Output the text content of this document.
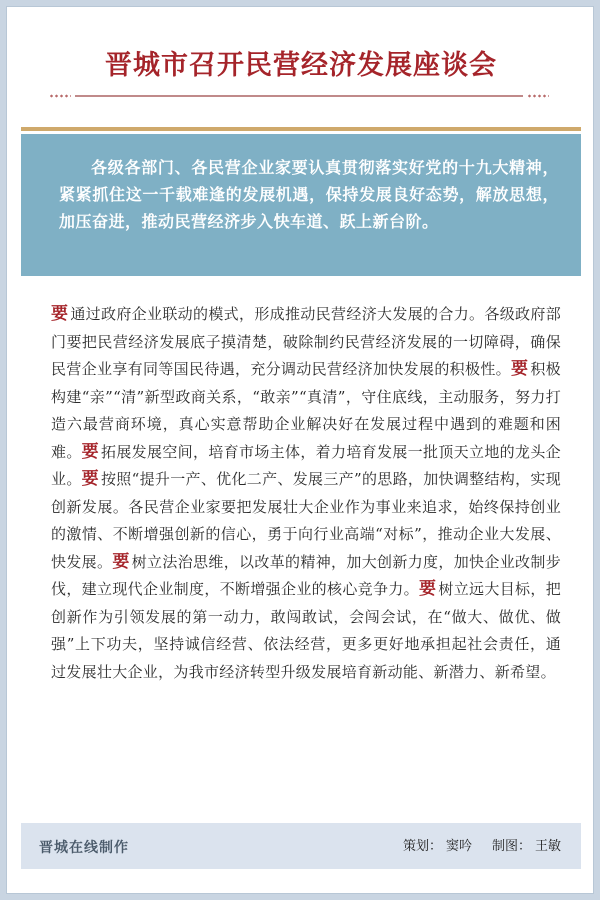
晋城市召开民营经济发展座谈会

各级各部门、各民营企业家要认真贯彻落实好党的十九大精神，紧紧抓住这一千载难逢的发展机遇，保持发展良好态势，解放思想，加压奋进，推动民营经济步入快车道、跃上新台阶。

要 通过政府企业联动的模式，形成推动民营经济大发展的合力。各级政府部门要把民营经济发展底子摸清楚，破除制约民营经济发展的一切障碍，确保民营企业享有同等国民待遇，充分调动民营经济加快发展的积极性。要 积极构建“亲”“清”新型政商关系，“敢亲”“真清”，守住底线，主动服务，努力打造六最营商环境，真心实意帮助企业解决好在发展过程中遇到的难题和困难。要 拓展发展空间，培育市场主体，着力培育发展一批顶天立地的龙头企业。要 按照“提升一产、优化二产、发展三产”的思路，加快调整结构，实现创新发展。各民营企业家要把发展壮大企业作为事业来追求，始终保持创业的激情、不断增强创新的信心，勇于向行业高端“对标”，推动企业大发展、快发展。要 树立法治思维，以改革的精神，加大创新力度，加快企业改制步伐，建立现代企业制度，不断增强企业的核心竞争力。要 树立远大目标，把创新作为引领发展的第一动力，敢闯敢试，会闯会试，在“做大、做优、做强”上下功夫，坚持诚信经营、依法经营，更多更好地承担起社会责任，通过发展壮大企业，为我市经济转型升级发展培育新动能、新潜力、新希望。
晋城在线制作	策划： 窦吟 制图： 王敏
